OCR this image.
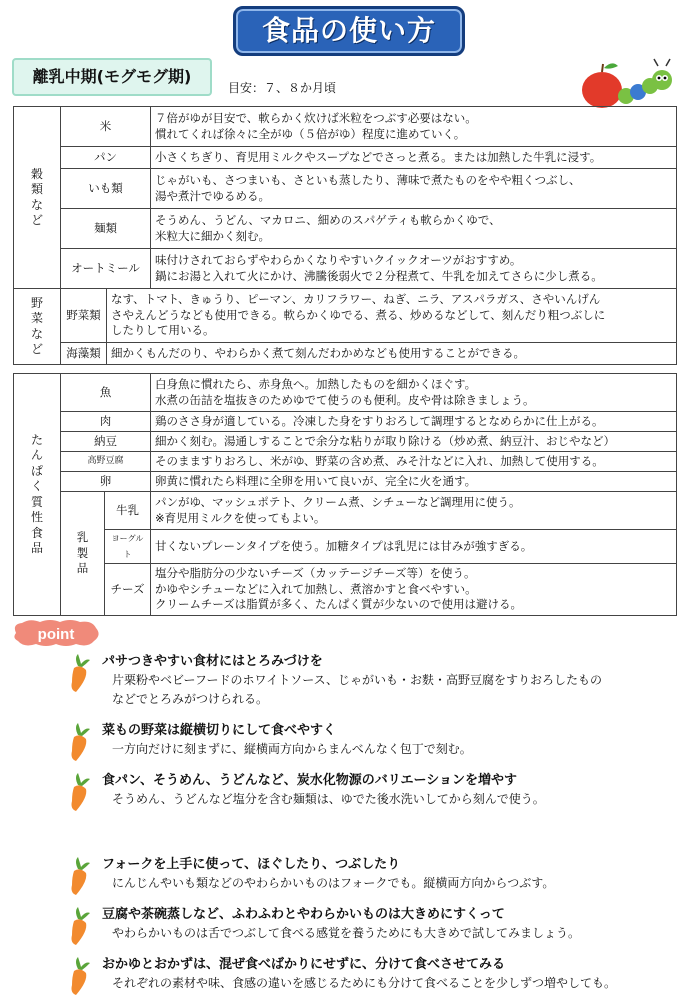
食品の使い方
離乳中期(モグモグ期)
目安：７、８か月頃
穀類など	米	７倍がゆが目安で、軟らかく炊けば米粒をつぶす必要はない。
慣れてくれば徐々に全がゆ（５倍がゆ）程度に進めていく。
	パン	小さくちぎり、育児用ミルクやスープなどでさっと煮る。または加熱した牛乳に浸す。
	いも類	じゃがいも、さつまいも、さといも蒸したり、薄味で煮たものをやや粗くつぶし、
湯や煮汁でゆるめる。
	麺類	そうめん、うどん、マカロニ、細めのスパゲティも軟らかくゆで、
米粒大に細かく刻む。
	オートミール	味付けされておらずやわらかくなりやすいクイックオーツがおすすめ。
鍋にお湯と入れて火にかけ、沸騰後弱火で２分程煮て、牛乳を加えてさらに少し煮る。
野菜など	野菜類	なす、トマト、きゅうり、ピーマン、カリフラワー、ねぎ、ニラ、アスパラガス、さやいんげん
さやえんどうなども使用できる。軟らかくゆでる、煮る、炒めるなどして、刻んだり粗つぶしに
したりして用いる。
	海藻類	細かくもんだのり、やわらかく煮て刻んだわかめなども使用することができる。
たんぱく質性食品	魚		白身魚に慣れたら、赤身魚へ。加熱したものを細かくほぐす。
水煮の缶詰を塩抜きのためゆでて使うのも便利。皮や骨は除きましょう。
	肉		鶏のささ身が適している。冷凍した身をすりおろして調理するとなめらかに仕上がる。
	納豆		細かく刻む。湯通しすることで余分な粘りが取り除ける（炒め煮、納豆汁、おじやなど）
	高野豆腐		そのまますりおろし、米がゆ、野菜の含め煮、みそ汁などに入れ、加熱して使用する。
	卵		卵黄に慣れたら料理に全卵を用いて良いが、完全に火を通す。
	乳製品	牛乳	パンがゆ、マッシュポテト、クリーム煮、シチューなど調理用に使う。
※育児用ミルクを使ってもよい。
		ヨーグルト	甘くないプレーンタイプを使う。加糖タイプは乳児には甘みが強すぎる。
		チーズ	塩分や脂肪分の少ないチーズ（カッテージチーズ等）を使う。
かゆやシチューなどに入れて加熱し、煮溶かすと食べやすい。
クリームチーズは脂質が多く、たんぱく質が少ないので使用は避ける。
point
パサつきやすい食材にはとろみづけを

片栗粉やベビーフードのホワイトソース、じゃがいも・お麩・高野豆腐をすりおろしたもの
などでとろみがつけられる。

菜もの野菜は縦横切りにして食べやすく

一方向だけに刻まずに、縦横両方向からまんべんなく包丁で刻む。

食パン、そうめん、うどんなど、炭水化物源のバリエーションを増やす

そうめん、うどんなど塩分を含む麺類は、ゆでた後水洗いしてから刻んで使う。

フォークを上手に使って、ほぐしたり、つぶしたり

にんじんやいも類などのやわらかいものはフォークでも。縦横両方向からつぶす。

豆腐や茶碗蒸しなど、ふわふわとやわらかいものは大きめにすくって

やわらかいものは舌でつぶして食べる感覚を養うためにも大きめで試してみましょう。

おかゆとおかずは、混ぜ食べばかりにせずに、分けて食べさせてみる

それぞれの素材や味、食感の違いを感じるためにも分けて食べることを少しずつ増やしても。
